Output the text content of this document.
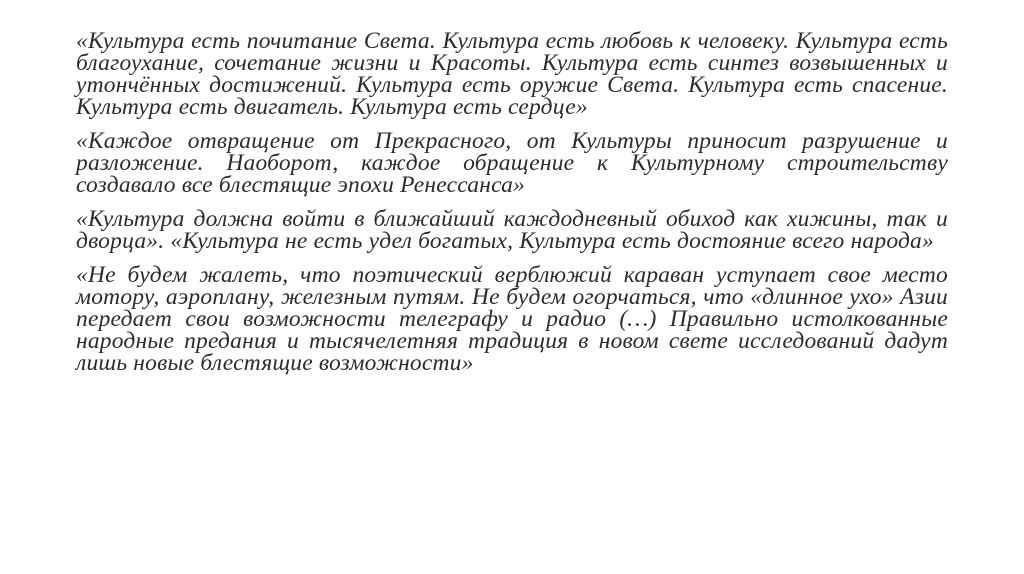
«Культура есть почитание Света. Культура есть любовь к человеку. Культура есть благоухание, сочетание жизни и Красоты. Культура есть синтез возвышенных и утончённых достижений. Культура есть оружие Света. Культура есть спасение. Культура есть двигатель. Культура есть сердце»

«Каждое отвращение от Прекрасного, от Культуры приносит разрушение и разложение. Наоборот, каждое обращение к Культурному строительству создавало все блестящие эпохи Ренессанса»

«Культура должна войти в ближайший каждодневный обиход как хижины, так и дворца». «Культура не есть удел богатых, Культура есть достояние всего народа»

«Не будем жалеть, что поэтический верблюжий караван уступает свое место мотору, аэроплану, железным путям. Не будем огорчаться, что «длинное ухо» Азии передает свои возможности телеграфу и радио (…) Правильно истолкованные народные предания и тысячелетняя традиция в новом свете исследований дадут лишь новые блестящие возможности»
